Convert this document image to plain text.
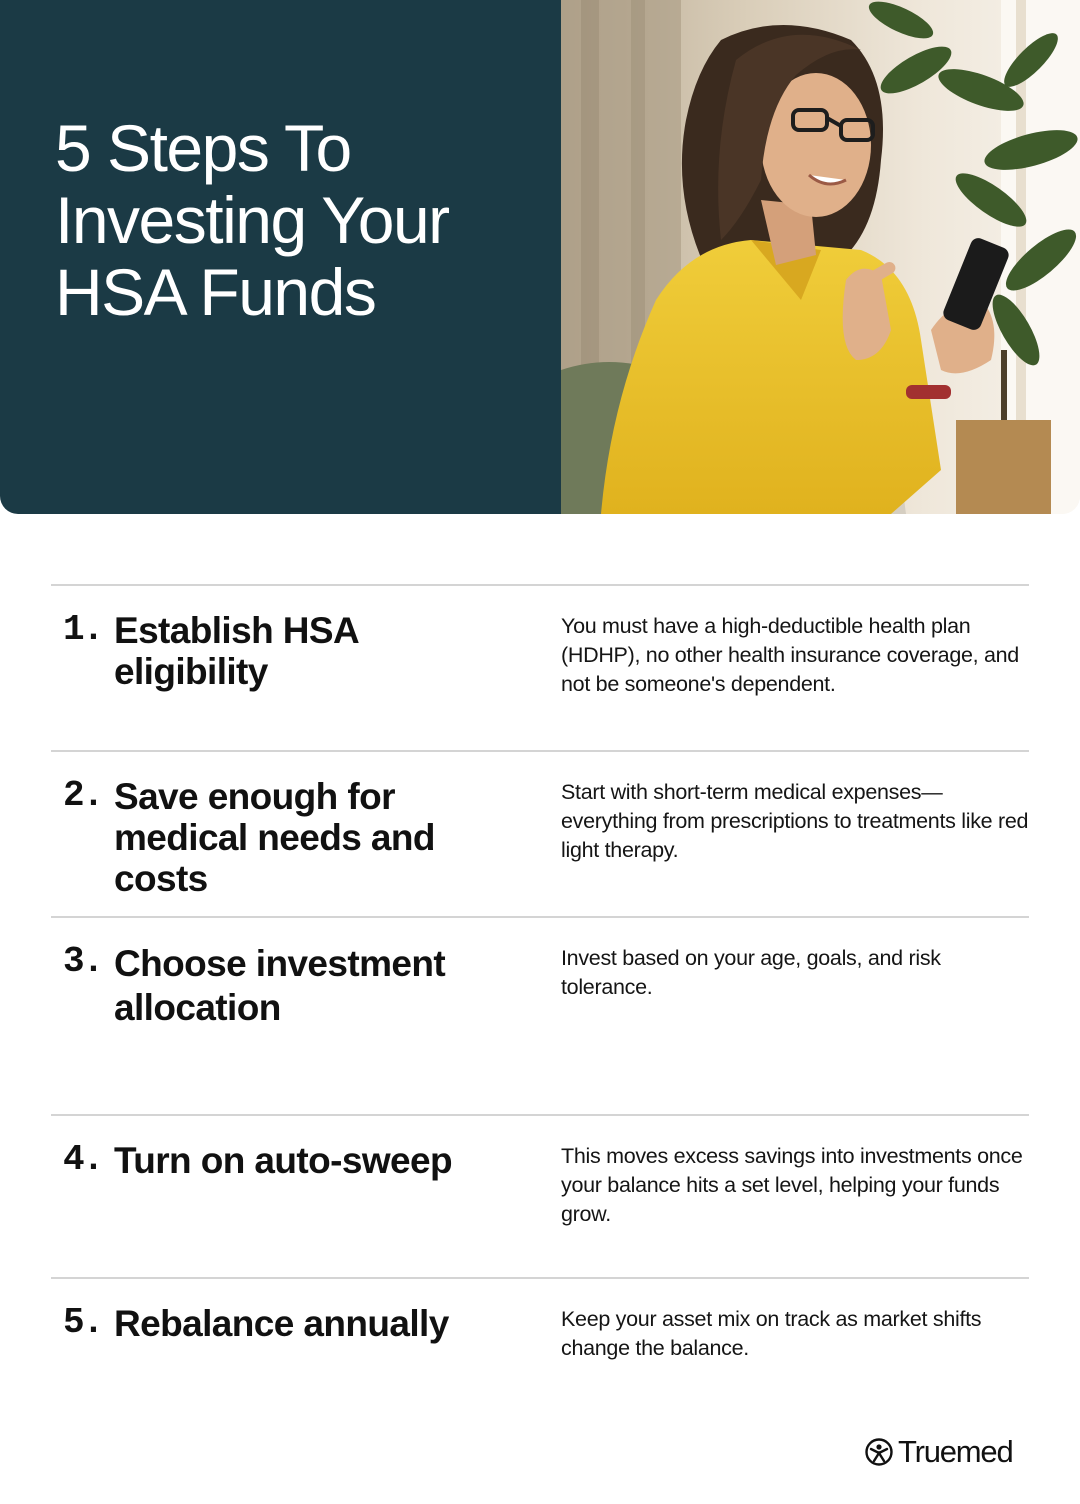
5 Steps To Investing Your HSA Funds
1. Establish HSA eligibility

You must have a high-deductible health plan (HDHP), no other health insurance coverage, and not be someone's dependent.

2. Save enough for medical needs and costs

Start with short-term medical expenses—everything from prescriptions to treatments like red light therapy.

3. Choose investment allocation

Invest based on your age, goals, and risk tolerance.

4. Turn on auto-sweep	This moves excess savings into investments once your balance hits a set level, helping your funds grow.

5. Rebalance annually	Keep your asset mix on track as market shifts change the balance.

Truemed
